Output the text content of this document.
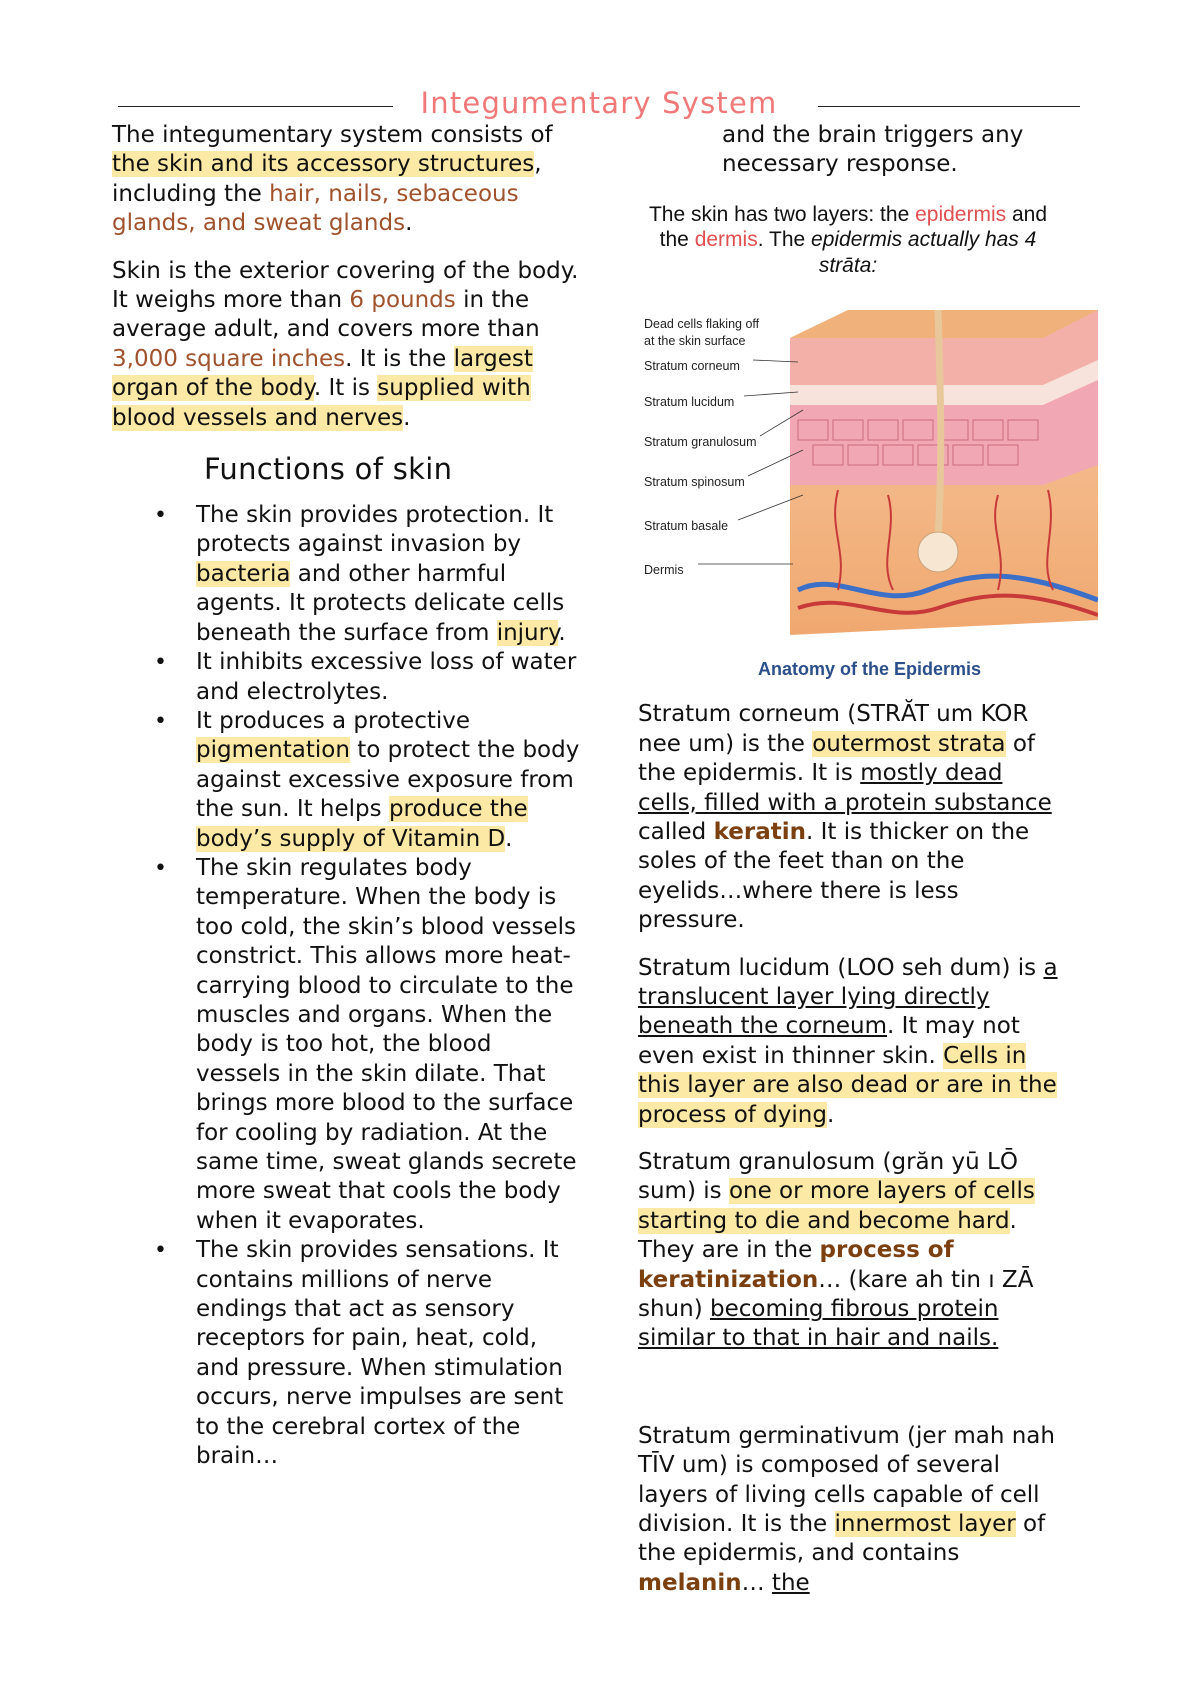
Integumentary System

The integumentary system consists of the skin and its accessory structures, including the hair, nails, sebaceous glands, and sweat glands.

Skin is the exterior covering of the body. It weighs more than 6 pounds in the average adult, and covers more than 3,000 square inches. It is the largest organ of the body. It is supplied with blood vessels and nerves.

Functions of skin
• The skin provides protection. It protects against invasion by bacteria and other harmful agents. It protects delicate cells beneath the surface from injury.
• It inhibits excessive loss of water and electrolytes.
• It produces a protective pigmentation to protect the body against excessive exposure from the sun. It helps produce the body’s supply of Vitamin D.
• The skin regulates body temperature. When the body is too cold, the skin’s blood vessels constrict. This allows more heat-carrying blood to circulate to the muscles and organs. When the body is too hot, the blood vessels in the skin dilate. That brings more blood to the surface for cooling by radiation. At the same time, sweat glands secrete more sweat that cools the body when it evaporates.
• The skin provides sensations. It contains millions of nerve endings that act as sensory receptors for pain, heat, cold, and pressure. When stimulation occurs, nerve impulses are sent to the cerebral cortex of the brain…

and the brain triggers any necessary response.

The skin has two layers: the epidermis and the dermis. The epidermis actually has 4 strāta:
Dead cells flaking off
at the skin surface
Stratum corneum
Stratum lucidum
Stratum granulosum
Stratum spinosum
Stratum basale
Dermis
Anatomy of the Epidermis

Stratum corneum (STRĂT um KOR nee um) is the outermost strata of the epidermis. It is mostly dead cells, filled with a protein substance called keratin. It is thicker on the soles of the feet than on the eyelids…where there is less pressure.

Stratum lucidum (LOO seh dum) is a translucent layer lying directly beneath the corneum. It may not even exist in thinner skin. Cells in this layer are also dead or are in the process of dying.

Stratum granulosum (grăn yū LŌ sum) is one or more layers of cells starting to die and become hard. They are in the process of keratinization… (kare ah tin ı ZĀ shun) becoming fibrous protein similar to that in hair and nails.

Stratum germinativum (jer mah nah TĪV um) is composed of several layers of living cells capable of cell division. It is the innermost layer of the epidermis, and contains melanin… the
